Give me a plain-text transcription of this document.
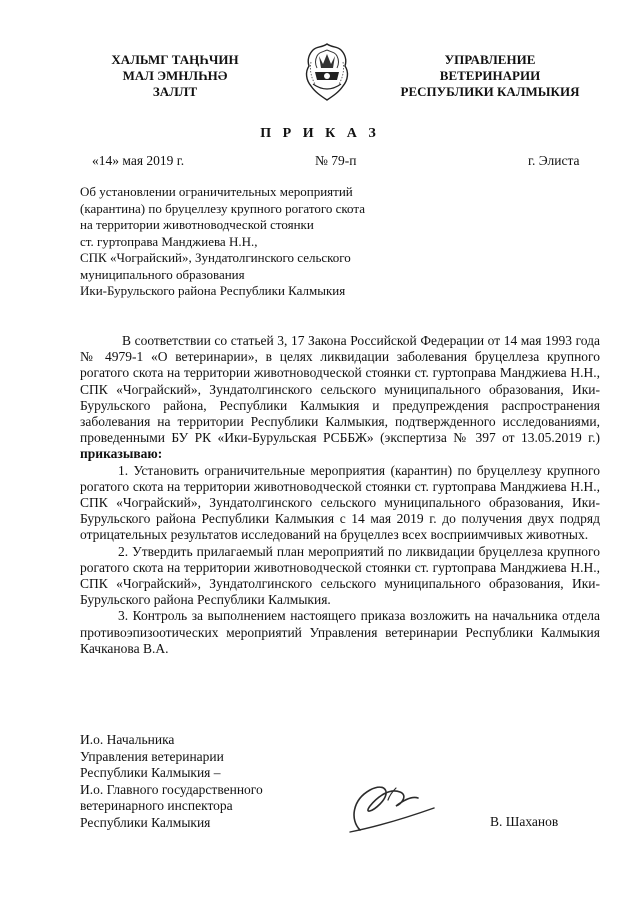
ХАЛЬМГ ТАҢҺЧИН
МАЛ ЭМНЛҺНӘ
ЗАЛЛТ
УПРАВЛЕНИЕ
ВЕТЕРИНАРИИ
РЕСПУБЛИКИ КАЛМЫКИЯ
П Р И К А З
«14» мая 2019 г.	№ 79-п	г. Элиста
Об установлении ограничительных мероприятий
(карантина) по бруцеллезу крупного рогатого скота
на территории животноводческой стоянки
ст. гуртоправа Манджиева Н.Н.,
СПК «Чограйский», Зундатолгинского сельского
муниципального образования
Ики-Бурульского района Республики Калмыкия

В соответствии со статьей 3, 17 Закона Российской Федерации от 14 мая 1993 года № 4979-1 «О ветеринарии», в целях ликвидации заболевания бруцеллеза крупного рогатого скота на территории животноводческой стоянки ст. гуртоправа Манджиева Н.Н., СПК «Чограйский», Зундатолгинского сельского муниципального образования, Ики-Бурульского района, Республики Калмыкия и предупреждения распространения заболевания на территории Республики Калмыкия, подтвержденного исследованиями, проведенными БУ РК «Ики-Бурульская РСББЖ» (экспертиза № 397 от 13.05.2019 г.) приказываю:

1. Установить ограничительные мероприятия (карантин) по бруцеллезу крупного рогатого скота на территории животноводческой стоянки ст. гуртоправа Манджиева Н.Н., СПК «Чограйский», Зундатолгинского сельского муниципального образования, Ики-Бурульского района Республики Калмыкия с 14 мая 2019 г. до получения двух подряд отрицательных результатов исследований на бруцеллез всех восприимчивых животных.

2. Утвердить прилагаемый план мероприятий по ликвидации бруцеллеза крупного рогатого скота на территории животноводческой стоянки ст. гуртоправа Манджиева Н.Н., СПК «Чограйский», Зундатолгинского сельского муниципального образования, Ики-Бурульского района Республики Калмыкия.

3. Контроль за выполнением настоящего приказа возложить на начальника отдела противоэпизоотических мероприятий Управления ветеринарии Республики Калмыкия Качканова В.А.

И.о. Начальника
Управления ветеринарии
Республики Калмыкия –
И.о. Главного государственного
ветеринарного инспектора
Республики Калмыкия	В. Шаханов
